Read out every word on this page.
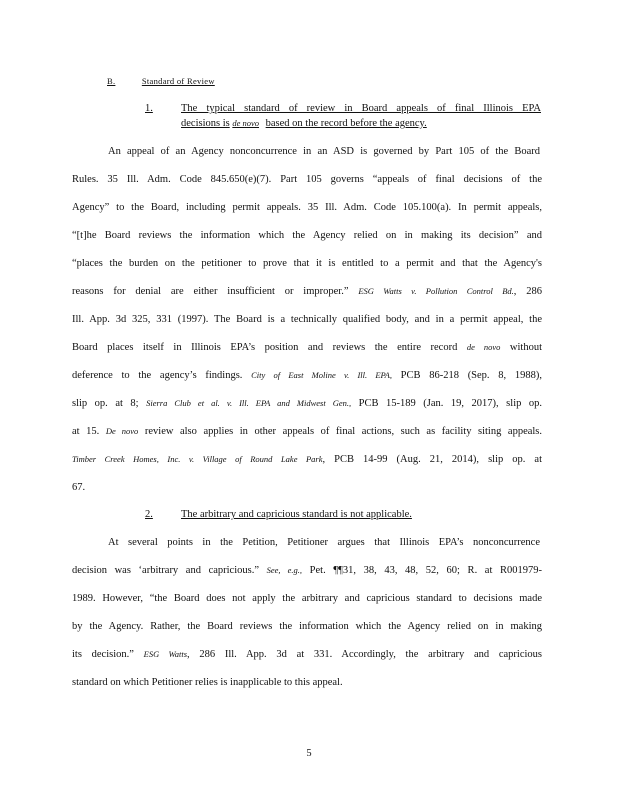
B.	Standard of Review
1.	The typical standard of review in Board appeals of final Illinois EPA
decisions is de novo based on the record before the agency.
An appeal of an Agency nonconcurrence in an ASD is governed by Part 105 of the Board
Rules. 35 Ill. Adm. Code 845.650(e)(7). Part 105 governs “appeals of final decisions of the
Agency” to the Board, including permit appeals. 35 Ill. Adm. Code 105.100(a). In permit appeals,
“[t]he Board reviews the information which the Agency relied on in making its decision” and
“places the burden on the petitioner to prove that it is entitled to a permit and that the Agency's
reasons for denial are either insufficient or improper.” ESG Watts v. Pollution Control Bd., 286
Ill. App. 3d 325, 331 (1997). The Board is a technically qualified body, and in a permit appeal, the
Board places itself in Illinois EPA’s position and reviews the entire record de novo without
deference to the agency’s findings. City of East Moline v. Ill. EPA, PCB 86-218 (Sep. 8, 1988),
slip op. at 8; Sierra Club et al. v. Ill. EPA and Midwest Gen., PCB 15-189 (Jan. 19, 2017), slip op.
at 15. De novo review also applies in other appeals of final actions, such as facility siting appeals.
Timber Creek Homes, Inc. v. Village of Round Lake Park, PCB 14-99 (Aug. 21, 2014), slip op. at
67.
2.	The arbitrary and capricious standard is not applicable.
At several points in the Petition, Petitioner argues that Illinois EPA’s nonconcurrence
decision was ‘arbitrary and capricious.” See, e.g., Pet. ¶¶31, 38, 43, 48, 52, 60; R. at R001979-
1989. However, “the Board does not apply the arbitrary and capricious standard to decisions made
by the Agency. Rather, the Board reviews the information which the Agency relied on in making
its decision.” ESG Watts, 286 Ill. App. 3d at 331. Accordingly, the arbitrary and capricious
standard on which Petitioner relies is inapplicable to this appeal.
5
